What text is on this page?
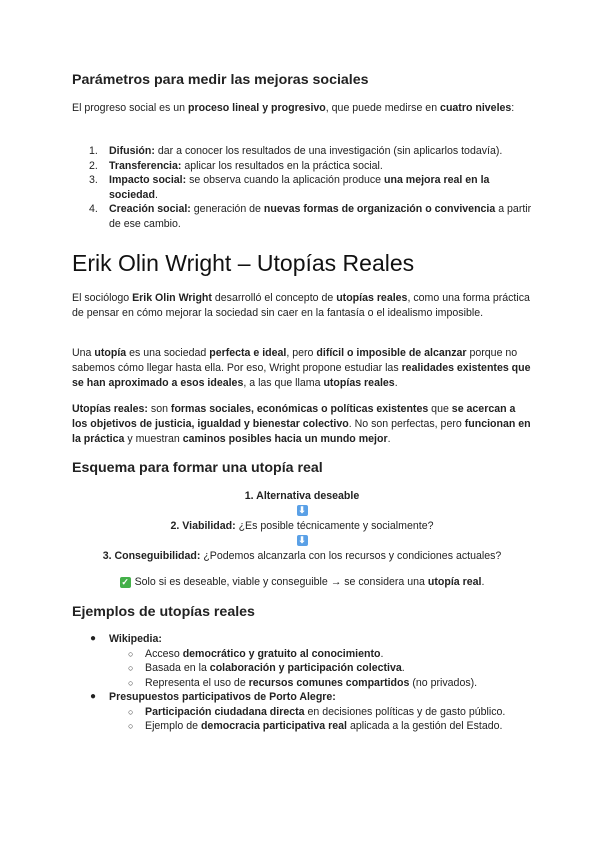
Parámetros para medir las mejoras sociales

El progreso social es un proceso lineal y progresivo, que puede medirse en cuatro niveles:

1. Difusión: dar a conocer los resultados de una investigación (sin aplicarlos todavía).
2. Transferencia: aplicar los resultados en la práctica social.
3. Impacto social: se observa cuando la aplicación produce una mejora real en la sociedad.
4. Creación social: generación de nuevas formas de organización o convivencia a partir de ese cambio.
Erik Olin Wright – Utopías Reales

El sociólogo Erik Olin Wright desarrolló el concepto de utopías reales, como una forma práctica de pensar en cómo mejorar la sociedad sin caer en la fantasía o el idealismo imposible.

Una utopía es una sociedad perfecta e ideal, pero difícil o imposible de alcanzar porque no sabemos cómo llegar hasta ella. Por eso, Wright propone estudiar las realidades existentes que se han aproximado a esos ideales, a las que llama utopías reales.

Utopías reales: son formas sociales, económicas o políticas existentes que se acercan a los objetivos de justicia, igualdad y bienestar colectivo. No son perfectas, pero funcionan en la práctica y muestran caminos posibles hacia un mundo mejor.

Esquema para formar una utopía real
1. Alternativa deseable
⬇
2. Viabilidad: ¿Es posible técnicamente y socialmente?
⬇
3. Conseguibilidad: ¿Podemos alcanzarla con los recursos y condiciones actuales?
✓ Solo si es deseable, viable y conseguible → se considera una utopía real.
Ejemplos de utopías reales
● Wikipedia:
○ Acceso democrático y gratuito al conocimiento.
○ Basada en la colaboración y participación colectiva.
○ Representa el uso de recursos comunes compartidos (no privados).
● Presupuestos participativos de Porto Alegre:
○ Participación ciudadana directa en decisiones políticas y de gasto público.
○ Ejemplo de democracia participativa real aplicada a la gestión del Estado.
